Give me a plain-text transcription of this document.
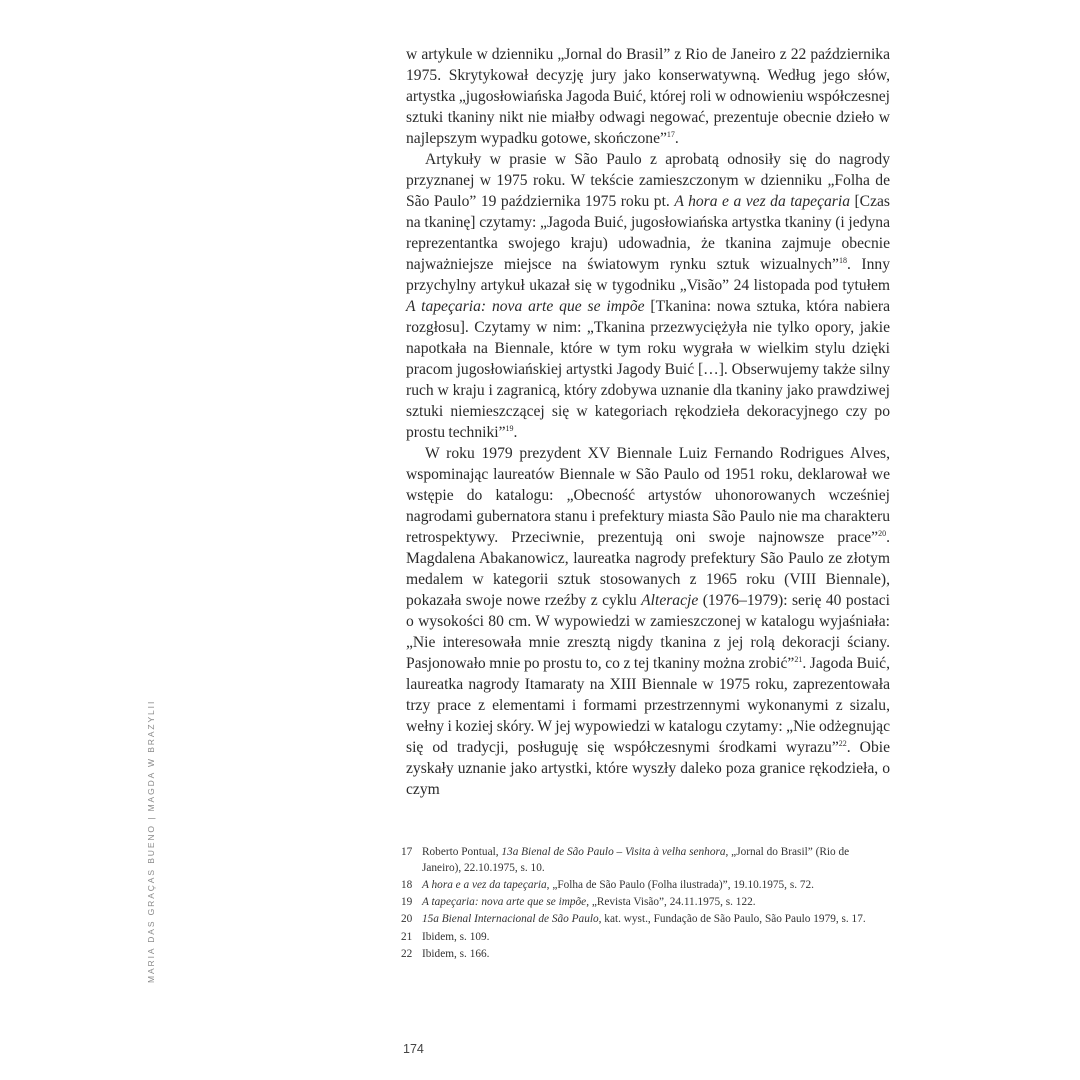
w artykule w dzienniku „Jornal do Brasil” z Rio de Janeiro z 22 października 1975. Skrytykował decyzję jury jako konserwatywną. Według jego słów, artystka „jugosłowiańska Jagoda Buić, której roli w odnowieniu współczesnej sztuki tkaniny nikt nie miałby odwagi negować, prezentuje obecnie dzieło w najlepszym wypadku gotowe, skończone”$^{17}$.

Artykuły w prasie w São Paulo z aprobatą odnosiły się do nagrody przyznanej w 1975 roku. W tekście zamieszczonym w dzienniku „Folha de São Paulo” 19 października 1975 roku pt. A hora e a vez da tapeçaria [Czas na tkaninę] czytamy: „Jagoda Buić, jugosłowiańska artystka tkaniny (i jedyna reprezentantka swojego kraju) udowadnia, że tkanina zajmuje obecnie najważniejsze miejsce na światowym rynku sztuk wizualnych”$^{18}$. Inny przychylny artykuł ukazał się w tygodniku „Visão” 24 listopada pod tytułem A tapeçaria: nova arte que se impõe [Tkanina: nowa sztuka, która nabiera rozgłosu]. Czytamy w nim: „Tkanina przezwyciężyła nie tylko opory, jakie napotkała na Biennale, które w tym roku wygrała w wielkim stylu dzięki pracom jugosłowiańskiej artystki Jagody Buić […]. Obserwujemy także silny ruch w kraju i zagranicą, który zdobywa uznanie dla tkaniny jako prawdziwej sztuki niemieszczącej się w kategoriach rękodzieła dekoracyjnego czy po prostu techniki”$^{19}$.

W roku 1979 prezydent XV Biennale Luiz Fernando Rodrigues Alves, wspominając laureatów Biennale w São Paulo od 1951 roku, deklarował we wstępie do katalogu: „Obecność artystów uhonorowanych wcześniej nagrodami gubernatora stanu i prefektury miasta São Paulo nie ma charakteru retrospektywy. Przeciwnie, prezentują oni swoje najnowsze prace”$^{20}$. Magdalena Abakanowicz, laureatka nagrody prefektury São Paulo ze złotym medalem w kategorii sztuk stosowanych z 1965 roku (VIII Biennale), pokazała swoje nowe rzeźby z cyklu Alteracje (1976–1979): serię 40 postaci o wysokości 80 cm. W wypowiedzi w zamieszczonej w katalogu wyjaśniała: „Nie interesowała mnie zresztą nigdy tkanina z jej rolą dekoracji ściany. Pasjonowało mnie po prostu to, co z tej tkaniny można zrobić”$^{21}$. Jagoda Buić, laureatka nagrody Itamaraty na XIII Biennale w 1975 roku, zaprezentowała trzy prace z elementami i formami przestrzennymi wykonanymi z sizalu, wełny i koziej skóry. W jej wypowiedzi w katalogu czytamy: „Nie odżegnując się od tradycji, posługuję się współczesnymi środkami wyrazu”$^{22}$. Obie zyskały uznanie jako artystki, które wyszły daleko poza granice rękodzieła, o czym

17 Roberto Pontual, 13a Bienal de São Paulo – Visita à velha senhora, „Jornal do Brasil” (Rio de Janeiro), 22.10.1975, s. 10.
18 A hora e a vez da tapeçaria, „Folha de São Paulo (Folha ilustrada)”, 19.10.1975, s. 72.
19 A tapeçaria: nova arte que se impõe, „Revista Visão”, 24.11.1975, s. 122.
20 15a Bienal Internacional de São Paulo, kat. wyst., Fundação de São Paulo, São Paulo 1979, s. 17.
21 Ibidem, s. 109.
22 Ibidem, s. 166.
MARIA DAS GRAÇAS BUENO | MAGDA W BRAZYLII
174
